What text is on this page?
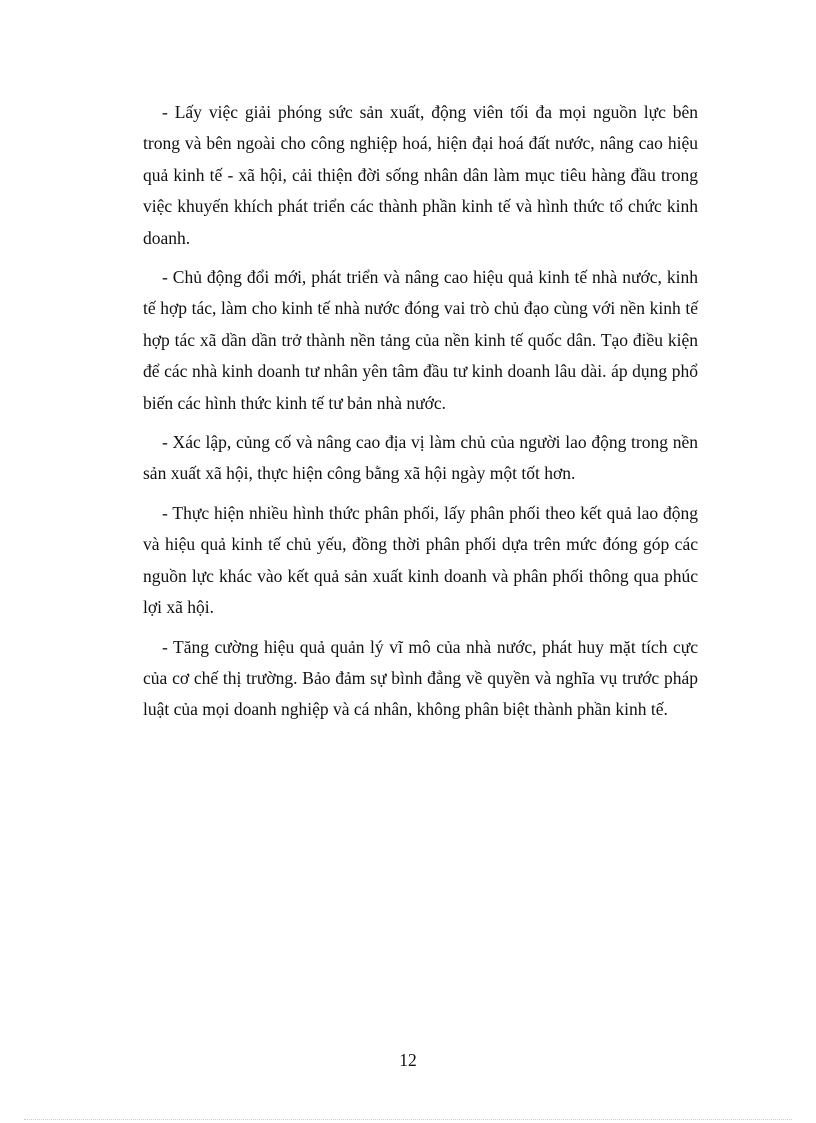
- Lấy việc giải phóng sức sản xuất, động viên tối đa mọi nguồn lực bên trong và bên ngoài cho công nghiệp hoá, hiện đại hoá đất nước, nâng cao hiệu quả kinh tế - xã hội, cải thiện đời sống nhân dân làm mục tiêu hàng đầu trong việc khuyến khích phát triển các thành phần kinh tế và hình thức tổ chức kinh doanh.

- Chủ động đổi mới, phát triển và nâng cao hiệu quả kinh tế nhà nước, kinh tế hợp tác, làm cho kinh tế nhà nước đóng vai trò chủ đạo cùng với nền kinh tế hợp tác xã dần dần trở thành nền tảng của nền kinh tế quốc dân. Tạo điều kiện để các nhà kinh doanh tư nhân yên tâm đầu tư kinh doanh lâu dài. áp dụng phổ biến các hình thức kinh tế tư bản nhà nước.

- Xác lập, củng cố và nâng cao địa vị làm chủ của người lao động trong nền sản xuất xã hội, thực hiện công bằng xã hội ngày một tốt hơn.

- Thực hiện nhiều hình thức phân phối, lấy phân phối theo kết quả lao động và hiệu quả kinh tế chủ yếu, đồng thời phân phối dựa trên mức đóng góp các nguồn lực khác vào kết quả sản xuất kinh doanh và phân phối thông qua phúc lợi xã hội.

- Tăng cường hiệu quả quản lý vĩ mô của nhà nước, phát huy mặt tích cực của cơ chế thị trường. Bảo đảm sự bình đẳng về quyền và nghĩa vụ trước pháp luật của mọi doanh nghiệp và cá nhân, không phân biệt thành phần kinh tế.

12
